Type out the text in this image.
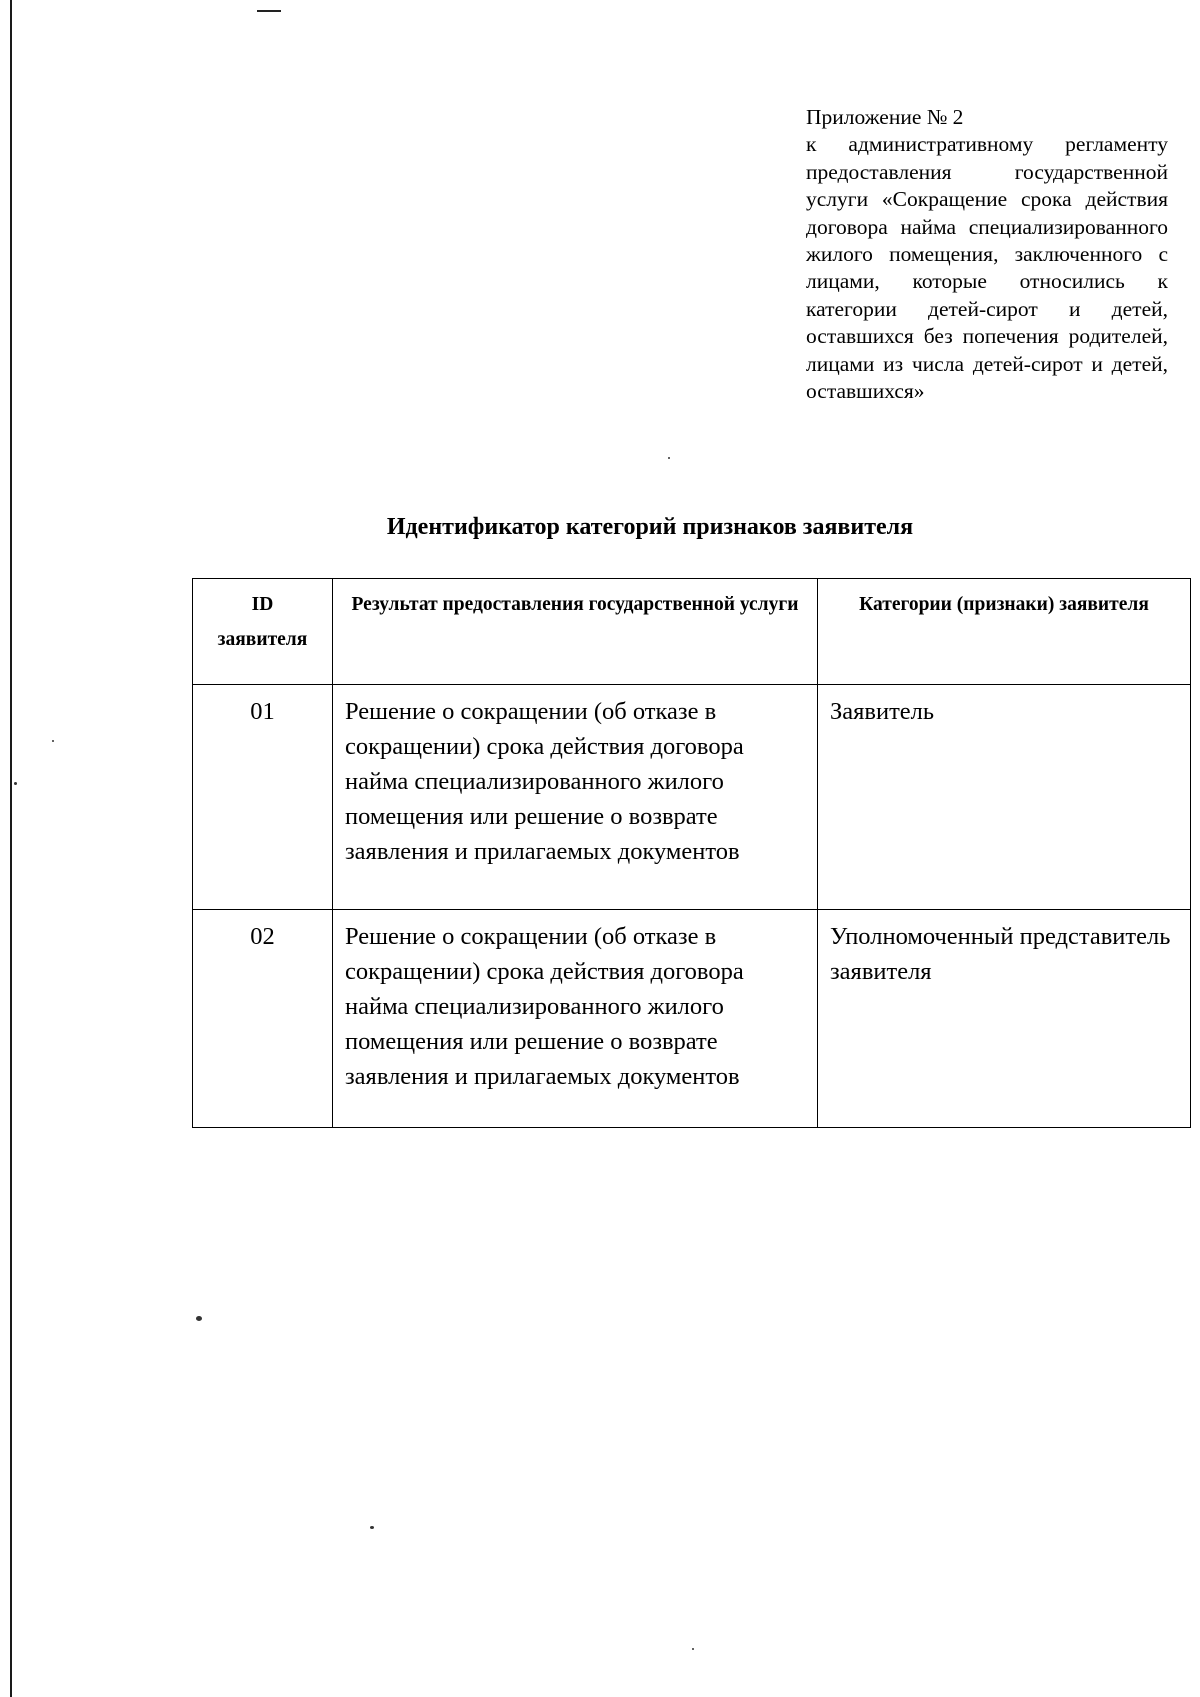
Приложение № 2
к административному регламенту предоставления государственной услуги «Сокращение срока действия договора найма специализированного жилого помещения, заключенного с лицами, которые относились к категории детей-сирот и детей, оставшихся без попечения родителей, лицами из числа детей-сирот и детей, оставшихся»
Идентификатор категорий признаков заявителя
ID
заявителя	Результат предоставления государственной услуги	Категории (признаки) заявителя
01	Решение о сокращении (об отказе в сокращении) срока действия договора найма специализированного жилого помещения или решение о возврате заявления и прилагаемых документов	Заявитель
02	Решение о сокращении (об отказе в сокращении) срока действия договора найма специализированного жилого помещения или решение о возврате заявления и прилагаемых документов	Уполномоченный представитель заявителя
